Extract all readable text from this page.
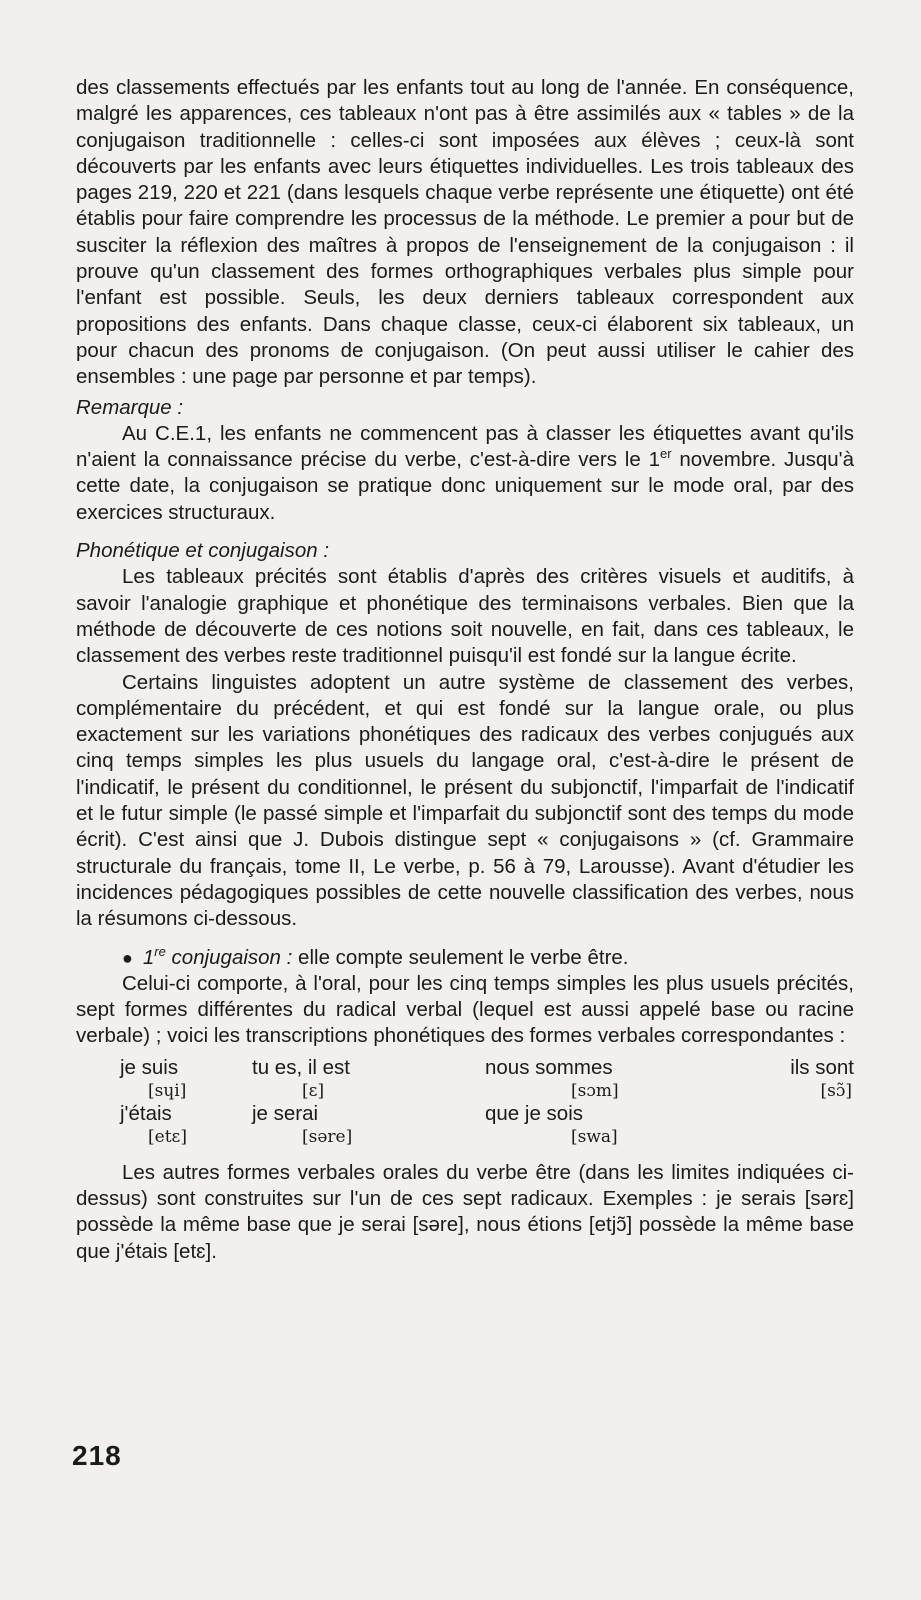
des classements effectués par les enfants tout au long de l'année. En conséquence, malgré les apparences, ces tableaux n'ont pas à être assimilés aux « tables » de la conjugaison traditionnelle : celles-ci sont imposées aux élèves ; ceux-là sont découverts par les enfants avec leurs étiquettes individuelles. Les trois tableaux des pages 219, 220 et 221 (dans lesquels chaque verbe représente une étiquette) ont été établis pour faire comprendre les processus de la méthode. Le premier a pour but de susciter la réflexion des maîtres à propos de l'enseignement de la conjugaison : il prouve qu'un classement des formes orthographiques verbales plus simple pour l'enfant est possible. Seuls, les deux derniers tableaux correspondent aux propositions des enfants. Dans chaque classe, ceux-ci élaborent six tableaux, un pour chacun des pronoms de conjugaison. (On peut aussi utiliser le cahier des ensembles : une page par personne et par temps).

Remarque :

Au C.E.1, les enfants ne commencent pas à classer les étiquettes avant qu'ils n'aient la connaissance précise du verbe, c'est-à-dire vers le 1er novembre. Jusqu'à cette date, la conjugaison se pratique donc uniquement sur le mode oral, par des exercices structuraux.

Phonétique et conjugaison :

Les tableaux précités sont établis d'après des critères visuels et auditifs, à savoir l'analogie graphique et phonétique des terminaisons verbales. Bien que la méthode de découverte de ces notions soit nouvelle, en fait, dans ces tableaux, le classement des verbes reste traditionnel puisqu'il est fondé sur la langue écrite.

Certains linguistes adoptent un autre système de classement des verbes, complémentaire du précédent, et qui est fondé sur la langue orale, ou plus exactement sur les variations phonétiques des radicaux des verbes conjugués aux cinq temps simples les plus usuels du langage oral, c'est-à-dire le présent de l'indicatif, le présent du conditionnel, le présent du subjonctif, l'imparfait de l'indicatif et le futur simple (le passé simple et l'imparfait du subjonctif sont des temps du mode écrit). C'est ainsi que J. Dubois distingue sept « conjugaisons » (cf. Grammaire structurale du français, tome II, Le verbe, p. 56 à 79, Larousse). Avant d'étudier les incidences pédagogiques possibles de cette nouvelle classification des verbes, nous la résumons ci-dessous.

● 1re conjugaison : elle compte seulement le verbe être.

Celui-ci comporte, à l'oral, pour les cinq temps simples les plus usuels précités, sept formes différentes du radical verbal (lequel est aussi appelé base ou racine verbale) ; voici les transcriptions phonétiques des formes verbales correspondantes :

je suis
[sɥi]
tu es, il est
[ɛ]
nous sommes
[sɔm]
ils sont
[sɔ̃]
j'étais
[etɛ]
je serai
[səre]
que je sois
[swa]

Les autres formes verbales orales du verbe être (dans les limites indiquées ci-dessus) sont construites sur l'un de ces sept radicaux. Exemples : je serais [sərɛ] possède la même base que je serai [səre], nous étions [etjɔ̃] possède la même base que j'étais [etɛ].

218
